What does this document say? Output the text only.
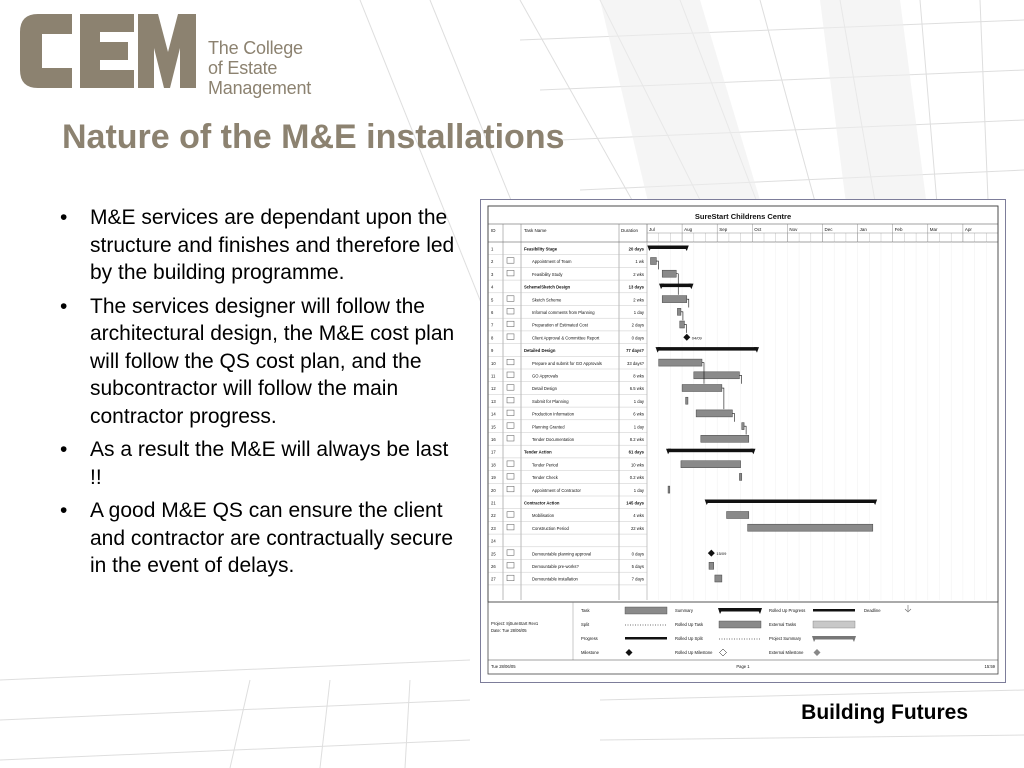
The College
of Estate
Management
Nature of the M&E installations
• M&E services are dependant upon the structure and finishes and therefore led by the building programme.
• The services designer will follow the architectural design, the M&E cost plan will follow the QS cost plan, and the subcontractor will follow the main contractor progress.
• As a result the M&E will always be last !!
• A good M&E QS can ensure the client and contractor are contractually secure in the event of delays.
SureStart Childrens Centre
ID	Task Name	Duration Jul	Aug	Sep	Oct	Nov	Dec	Jan	Feb	Mar	Apr
1	Feasibility Stage	20 days
2	Appointment of Team	1 wk
3	Feasibility Study	2 wks
4	Scheme/Sketch Design	13 days
5	Sketch Scheme	2 wks
6	Informal comments from Planning	1 day
7	Preparation of Estimated Cost	2 days
8	Client Approval & Committee Report	0 days	04/09
9	Detailed Design	77 days?
10	Prepare and submit for GO Approvals	33 days?
11	GO Approvals	8 wks
12	Detail Design	6.5 wks
13	Submit for Planning	1 day
14	Production Information	6 wks
15	Planning Granted	1 day
16	Tender Documentation	8.2 wks
17	Tender Action	61 days
18	Tender Period	10 wks
19	Tender Check	0.2 wks
20	Appointment of Contractor	1 day
21	Contractor Action	145 days
22	Mobilisation	4 wks
23	Construction Period	22 wks
24
25	Demountable planning approval	0 days	15/09
26	Demountable pre-works?	5 days
27	Demountable installation	7 days
Project: 8jSureStart Rev1
Date: Tue 28/06/05
Task
Split
Progress
Milestone
Summary
Rolled Up Task
Rolled Up Split
Rolled Up Milestone
Rolled Up Progress
External Tasks
Project Summary
External Milestone
Deadline
Tue 28/06/05	Page 1	15:59
Building Futures
